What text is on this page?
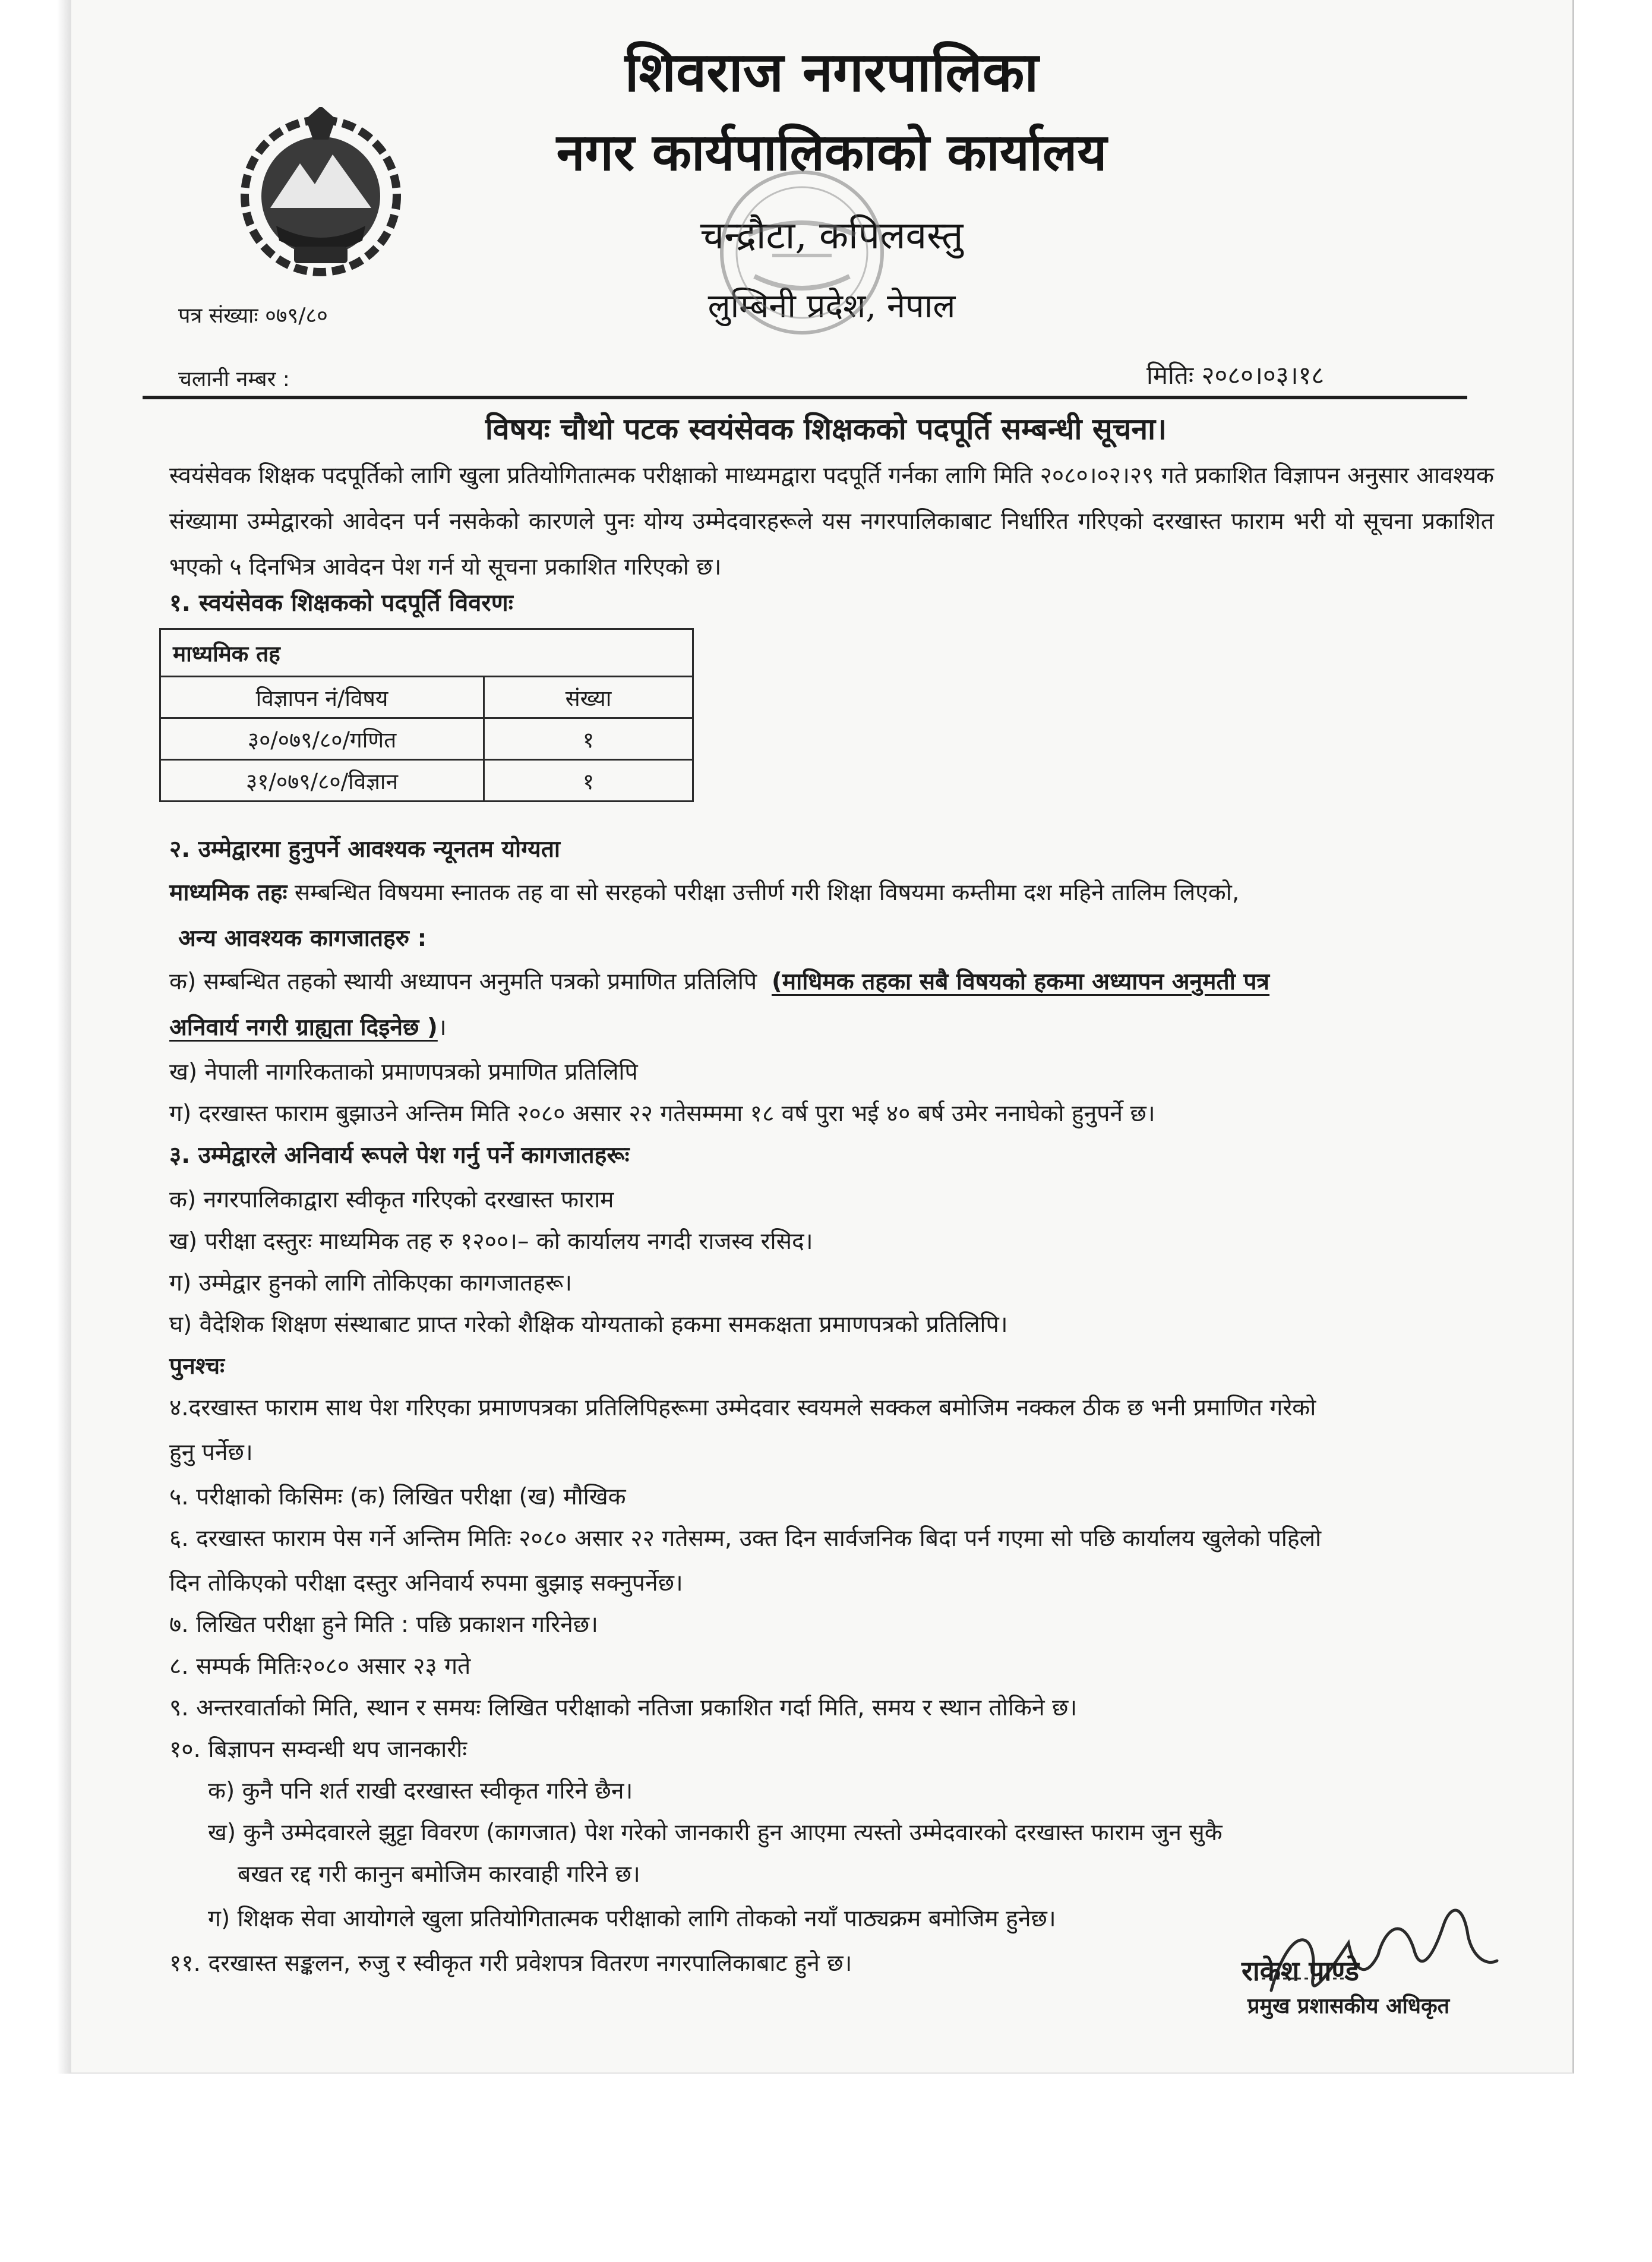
शिवराज नगरपालिका
नगर कार्यपालिकाको कार्यालय
चन्द्रौटा, कपिलवस्तु
लुम्बिनी प्रदेश, नेपाल
पत्र संख्याः ०७९/८०
चलानी नम्बर :	मितिः २०८०।०३।१८
विषयः चौथो पटक स्वयंसेवक शिक्षकको पदपूर्ति सम्बन्धी सूचना।
स्वयंसेवक शिक्षक पदपूर्तिको लागि खुला प्रतियोगितात्मक परीक्षाको माध्यमद्वारा पदपूर्ति गर्नका लागि मिति २०८०।०२।२९ गते प्रकाशित विज्ञापन अनुसार आवश्यक संख्यामा उम्मेद्वारको आवेदन पर्न नसकेको कारणले पुनः योग्य उम्मेदवारहरूले यस नगरपालिकाबाट निर्धारित गरिएको दरखास्त फाराम भरी यो सूचना प्रकाशित भएको ५ दिनभित्र आवेदन पेश गर्न यो सूचना प्रकाशित गरिएको छ।
१. स्वयंसेवक शिक्षकको पदपूर्ति विवरणः
माध्यमिक तह	
विज्ञापन नं/विषय	संख्या
३०/०७९/८०/गणित	१
३१/०७९/८०/विज्ञान	१
२. उम्मेद्वारमा हुनुपर्ने आवश्यक न्यूनतम योग्यता
माध्यमिक तहः सम्बन्धित विषयमा स्नातक तह वा सो सरहको परीक्षा उत्तीर्ण गरी शिक्षा विषयमा कम्तीमा दश महिने तालिम लिएको,
अन्य आवश्यक कागजातहरु :
क) सम्बन्धित तहको स्थायी अध्यापन अनुमति पत्रको प्रमाणित प्रतिलिपि (माधिमक तहका सबै विषयको हकमा अध्यापन अनुमती पत्र
अनिवार्य नगरी ग्राह्यता दिइनेछ )।
ख) नेपाली नागरिकताको प्रमाणपत्रको प्रमाणित प्रतिलिपि
ग) दरखास्त फाराम बुझाउने अन्तिम मिति २०८० असार २२ गतेसम्ममा १८ वर्ष पुरा भई ४० बर्ष उमेर ननाघेको हुनुपर्ने छ।
३. उम्मेद्वारले अनिवार्य रूपले पेश गर्नु पर्ने कागजातहरूः
क) नगरपालिकाद्वारा स्वीकृत गरिएको दरखास्त फाराम
ख) परीक्षा दस्तुरः माध्यमिक तह रु १२००।– को कार्यालय नगदी राजस्व रसिद।
ग) उम्मेद्वार हुनको लागि तोकिएका कागजातहरू।
घ) वैदेशिक शिक्षण संस्थाबाट प्राप्त गरेको शैक्षिक योग्यताको हकमा समकक्षता प्रमाणपत्रको प्रतिलिपि।
पुनश्चः
४.दरखास्त फाराम साथ पेश गरिएका प्रमाणपत्रका प्रतिलिपिहरूमा उम्मेदवार स्वयमले सक्कल बमोजिम नक्कल ठीक छ भनी प्रमाणित गरेको
हुनु पर्नेछ।
५. परीक्षाको किसिमः (क) लिखित परीक्षा (ख) मौखिक
६. दरखास्त फाराम पेस गर्ने अन्तिम मितिः २०८० असार २२ गतेसम्म, उक्त दिन सार्वजनिक बिदा पर्न गएमा सो पछि कार्यालय खुलेको पहिलो
दिन तोकिएको परीक्षा दस्तुर अनिवार्य रुपमा बुझाइ सक्नुपर्नेछ।
७. लिखित परीक्षा हुने मिति : पछि प्रकाशन गरिनेछ।
८. सम्पर्क मितिः२०८० असार २३ गते
९. अन्तरवार्ताको मिति, स्थान र समयः लिखित परीक्षाको नतिजा प्रकाशित गर्दा मिति, समय र स्थान तोकिने छ।
१०. बिज्ञापन सम्वन्धी थप जानकारीः
क) कुनै पनि शर्त राखी दरखास्त स्वीकृत गरिने छैन।
ख) कुनै उम्मेदवारले झुट्टा विवरण (कागजात) पेश गरेको जानकारी हुन आएमा त्यस्तो उम्मेदवारको दरखास्त फाराम जुन सुकै
बखत रद्द गरी कानुन बमोजिम कारवाही गरिने छ।
ग) शिक्षक सेवा आयोगले खुला प्रतियोगितात्मक परीक्षाको लागि तोकको नयाँ पाठ्यक्रम बमोजिम हुनेछ।
११. दरखास्त सङ्कलन, रुजु र स्वीकृत गरी प्रवेशपत्र वितरण नगरपालिकाबाट हुने छ।	राकेश पाण्डे
प्रमुख प्रशासकीय अधिकृत
